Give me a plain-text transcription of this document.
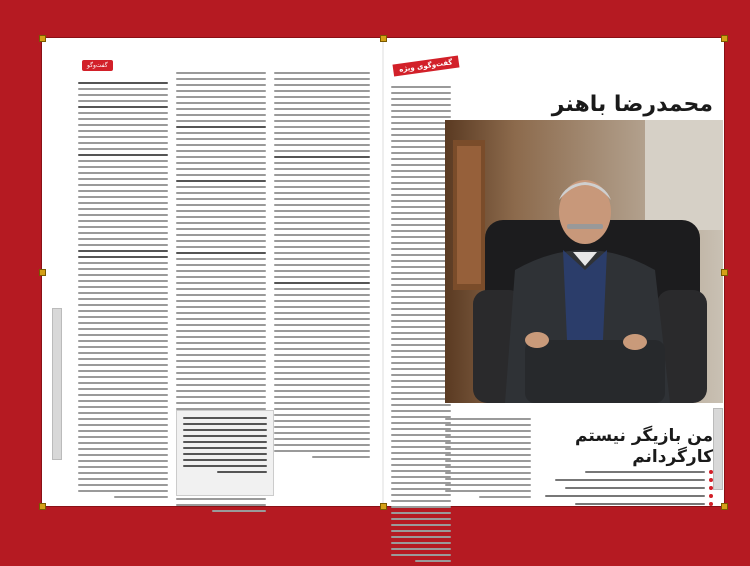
گفت‌وگو	گفت‌وگوی ویژه
محمدرضا باهنر
من بازیگر نیستم
کارگردانم
